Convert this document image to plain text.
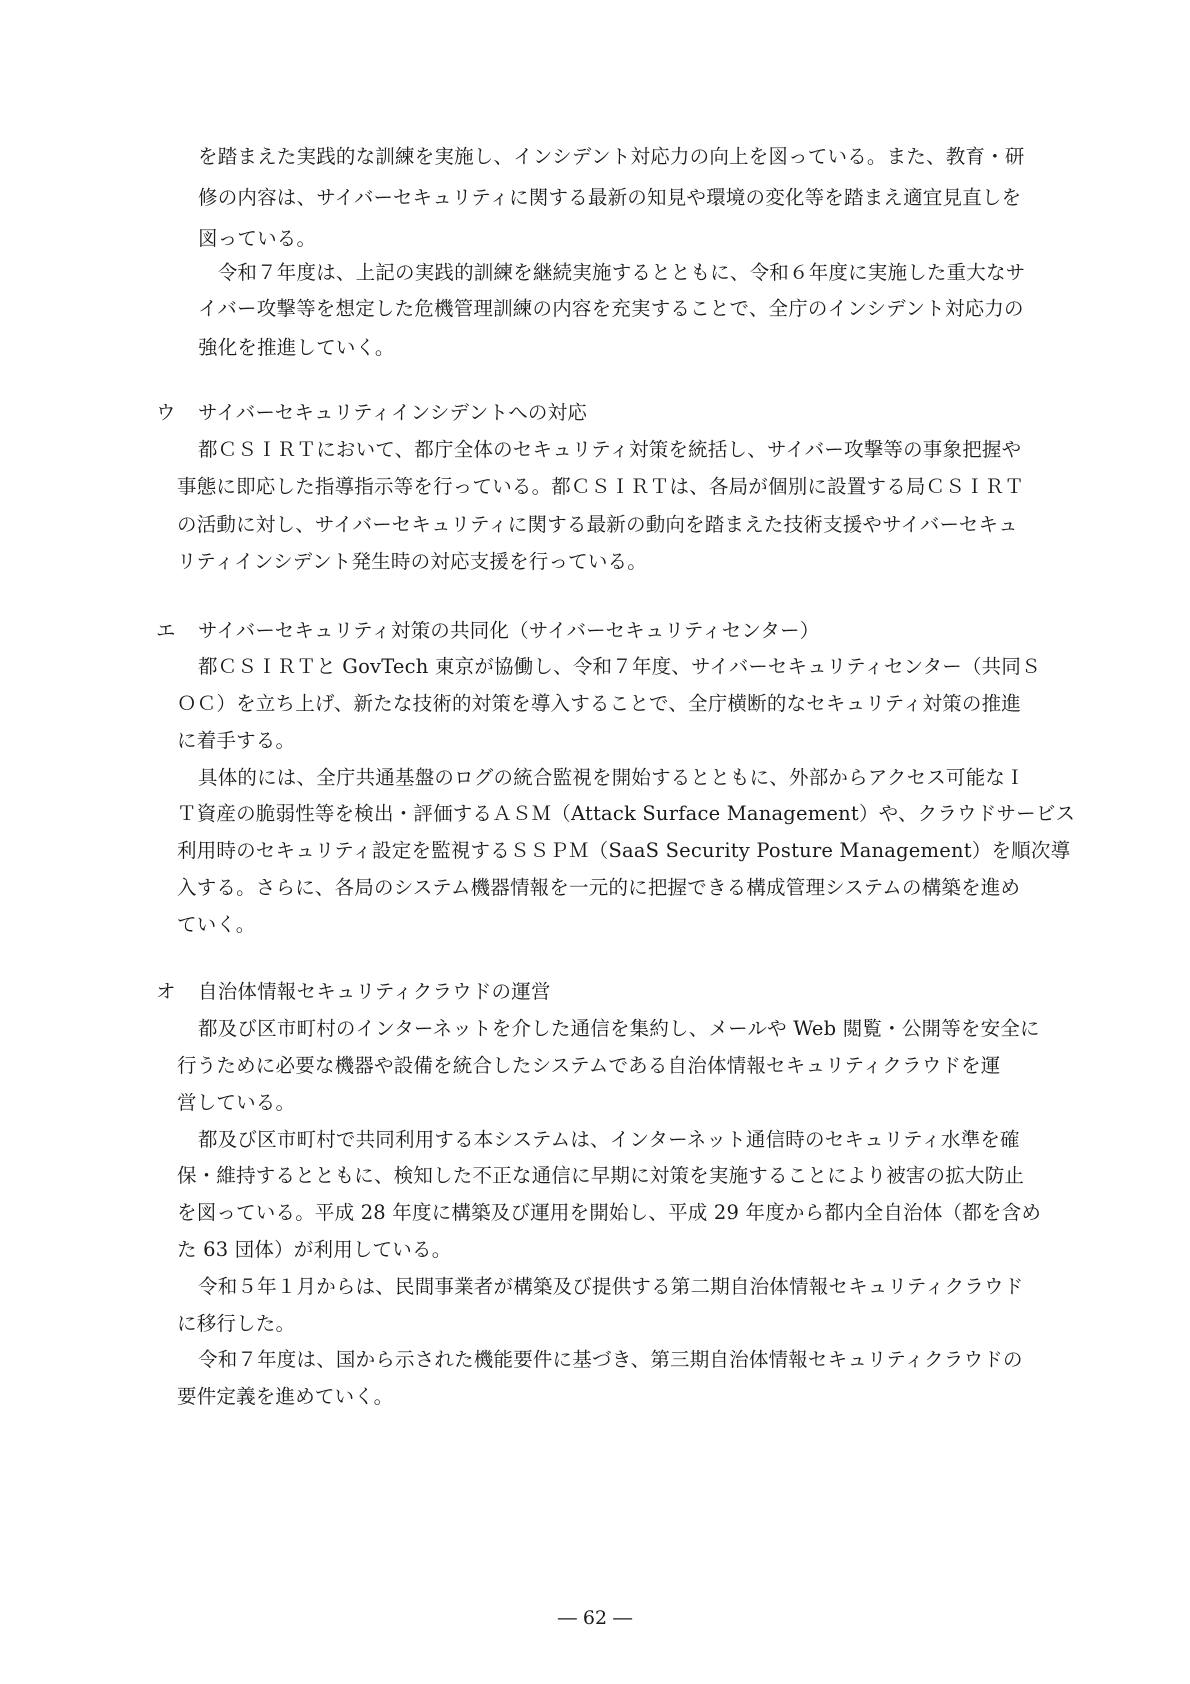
を踏まえた実践的な訓練を実施し、インシデント対応力の向上を図っている。また、教育・研
修の内容は、サイバーセキュリティに関する最新の知見や環境の変化等を踏まえ適宜見直しを
図っている。
　令和７年度は、上記の実践的訓練を継続実施するとともに、令和６年度に実施した重大なサ
イバー攻撃等を想定した危機管理訓練の内容を充実することで、全庁のインシデント対応力の
強化を推進していく。
ウ サイバーセキュリティインシデントへの対応
都ＣＳＩＲＴにおいて、都庁全体のセキュリティ対策を統括し、サイバー攻撃等の事象把握や
事態に即応した指導指示等を行っている。都ＣＳＩＲＴは、各局が個別に設置する局ＣＳＩＲＴ
の活動に対し、サイバーセキュリティに関する最新の動向を踏まえた技術支援やサイバーセキュ
リティインシデント発生時の対応支援を行っている。
エ サイバーセキュリティ対策の共同化（サイバーセキュリティセンター）
都ＣＳＩＲＴと GovTech 東京が協働し、令和７年度、サイバーセキュリティセンター（共同Ｓ
ＯＣ）を立ち上げ、新たな技術的対策を導入することで、全庁横断的なセキュリティ対策の推進
に着手する。
具体的には、全庁共通基盤のログの統合監視を開始するとともに、外部からアクセス可能なＩ
Ｔ資産の脆弱性等を検出・評価するＡＳＭ（Attack Surface Management）や、クラウドサービス
利用時のセキュリティ設定を監視するＳＳＰＭ（SaaS Security Posture Management）を順次導
入する。さらに、各局のシステム機器情報を一元的に把握できる構成管理システムの構築を進め
ていく。
オ 自治体情報セキュリティクラウドの運営
都及び区市町村のインターネットを介した通信を集約し、メールや Web 閲覧・公開等を安全に
行うために必要な機器や設備を統合したシステムである自治体情報セキュリティクラウドを運
営している。
都及び区市町村で共同利用する本システムは、インターネット通信時のセキュリティ水準を確
保・維持するとともに、検知した不正な通信に早期に対策を実施することにより被害の拡大防止
を図っている。平成 28 年度に構築及び運用を開始し、平成 29 年度から都内全自治体（都を含め
た 63 団体）が利用している。
令和５年１月からは、民間事業者が構築及び提供する第二期自治体情報セキュリティクラウド
に移行した。
令和７年度は、国から示された機能要件に基づき、第三期自治体情報セキュリティクラウドの
要件定義を進めていく。
― 62 ―
